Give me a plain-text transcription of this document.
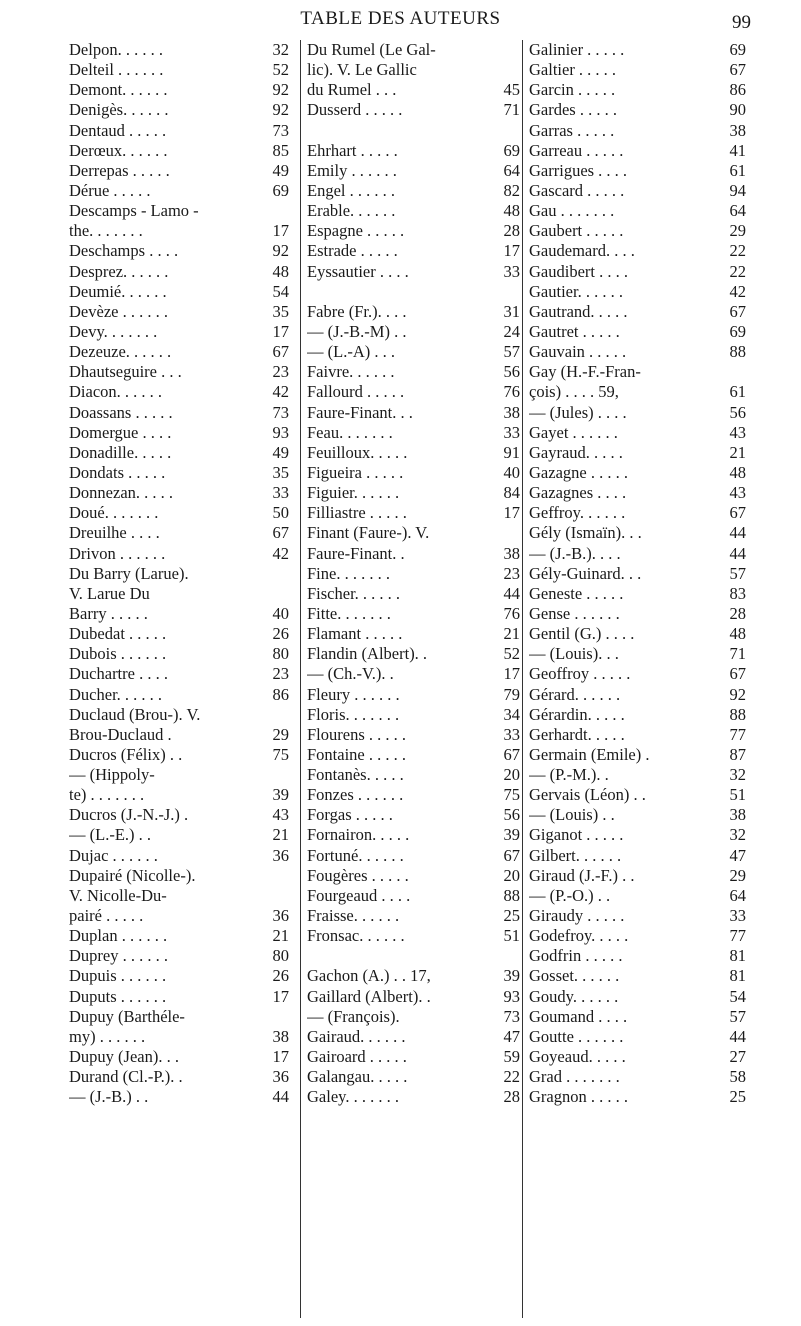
TABLE DES AUTEURS	99
Delpon. . . . . .	32
Delteil . . . . . .	52
Demont. . . . . .	92
Denigès. . . . . .	92
Dentaud . . . . .	73
Derœux. . . . . .	85
Derrepas . . . . .	49
Dérue . . . . .	69
Descamps - Lamo -
the. . . . . . .	17
Deschamps . . . .	92
Desprez. . . . . .	48
Deumié. . . . . .	54
Devèze . . . . . .	35
Devy. . . . . . .	17
Dezeuze. . . . . .	67
Dhautseguire . . .	23
Diacon. . . . . .	42
Doassans . . . . .	73
Domergue . . . .	93
Donadille. . . . .	49
Dondats . . . . .	35
Donnezan. . . . .	33
Doué. . . . . . .	50
Dreuilhe . . . .	67
Drivon . . . . . .	42
Du Barry (Larue).
V. Larue Du
Barry . . . . .	40
Dubedat . . . . .	26
Dubois . . . . . .	80
Duchartre . . . .	23
Ducher. . . . . .	86
Duclaud (Brou-). V.
Brou-Duclaud .	29
Ducros (Félix) . .	75
— (Hippoly-
te) . . . . . . .	39
Ducros (J.-N.-J.) .	43
— (L.-E.) . .	21
Dujac . . . . . .	36
Dupairé (Nicolle-).
V. Nicolle-Du-
pairé . . . . .	36
Duplan . . . . . .	21
Duprey . . . . . .	80
Dupuis . . . . . .	26
Duputs . . . . . .	17
Dupuy (Barthéle-
my) . . . . . .	38
Dupuy (Jean). . .	17
Durand (Cl.-P.). .	36
— (J.-B.) . .	44
Du Rumel (Le Gal-
lic). V. Le Gallic
du Rumel . . .	45
Dusserd . . . . .	71
Ehrhart . . . . .	69
Emily . . . . . .	64
Engel . . . . . .	82
Erable. . . . . .	48
Espagne . . . . .	28
Estrade . . . . .	17
Eyssautier . . . .	33
Fabre (Fr.). . . .	31
— (J.-B.-M) . .	24
— (L.-A) . . .	57
Faivre. . . . . .	56
Fallourd . . . . .	76
Faure-Finant. . .	38
Feau. . . . . . .	33
Feuilloux. . . . .	91
Figueira . . . . .	40
Figuier. . . . . .	84
Filliastre . . . . .	17
Finant (Faure-). V.
Faure-Finant. .	38
Fine. . . . . . .	23
Fischer. . . . . .	44
Fitte. . . . . . .	76
Flamant . . . . .	21
Flandin (Albert). .	52
— (Ch.-V.). .	17
Fleury . . . . . .	79
Floris. . . . . . .	34
Flourens . . . . .	33
Fontaine . . . . .	67
Fontanès. . . . .	20
Fonzes . . . . . .	75
Forgas . . . . .	56
Fornairon. . . . .	39
Fortuné. . . . . .	67
Fougères . . . . .	20
Fourgeaud . . . .	88
Fraisse. . . . . .	25
Fronsac. . . . . .	51
Gachon (A.) . . 17,	39
Gaillard (Albert). .	93
— (François).	73
Gairaud. . . . . .	47
Gairoard . . . . .	59
Galangau. . . . .	22
Galey. . . . . . .	28
Galinier . . . . .	69
Galtier . . . . .	67
Garcin . . . . .	86
Gardes . . . . .	90
Garras . . . . .	38
Garreau . . . . .	41
Garrigues . . . .	61
Gascard . . . . .	94
Gau . . . . . . .	64
Gaubert . . . . .	29
Gaudemard. . . .	22
Gaudibert . . . .	22
Gautier. . . . . .	42
Gautrand. . . . .	67
Gautret . . . . .	69
Gauvain . . . . .	88
Gay (H.-F.-Fran-
çois) . . . . 59,	61
— (Jules) . . . .	56
Gayet . . . . . .	43
Gayraud. . . . .	21
Gazagne . . . . .	48
Gazagnes . . . .	43
Geffroy. . . . . .	67
Gély (Ismaïn). . .	44
— (J.-B.). . . .	44
Gély-Guinard. . .	57
Geneste . . . . .	83
Gense . . . . . .	28
Gentil (G.) . . . .	48
— (Louis). . .	71
Geoffroy . . . . .	67
Gérard. . . . . .	92
Gérardin. . . . .	88
Gerhardt. . . . .	77
Germain (Emile) .	87
— (P.-M.). .	32
Gervais (Léon) . .	51
— (Louis) . .	38
Giganot . . . . .	32
Gilbert. . . . . .	47
Giraud (J.-F.) . .	29
— (P.-O.) . .	64
Giraudy . . . . .	33
Godefroy. . . . .	77
Godfrin . . . . .	81
Gosset. . . . . .	81
Goudy. . . . . .	54
Goumand . . . .	57
Goutte . . . . . .	44
Goyeaud. . . . .	27
Grad . . . . . . .	58
Gragnon . . . . .	25
